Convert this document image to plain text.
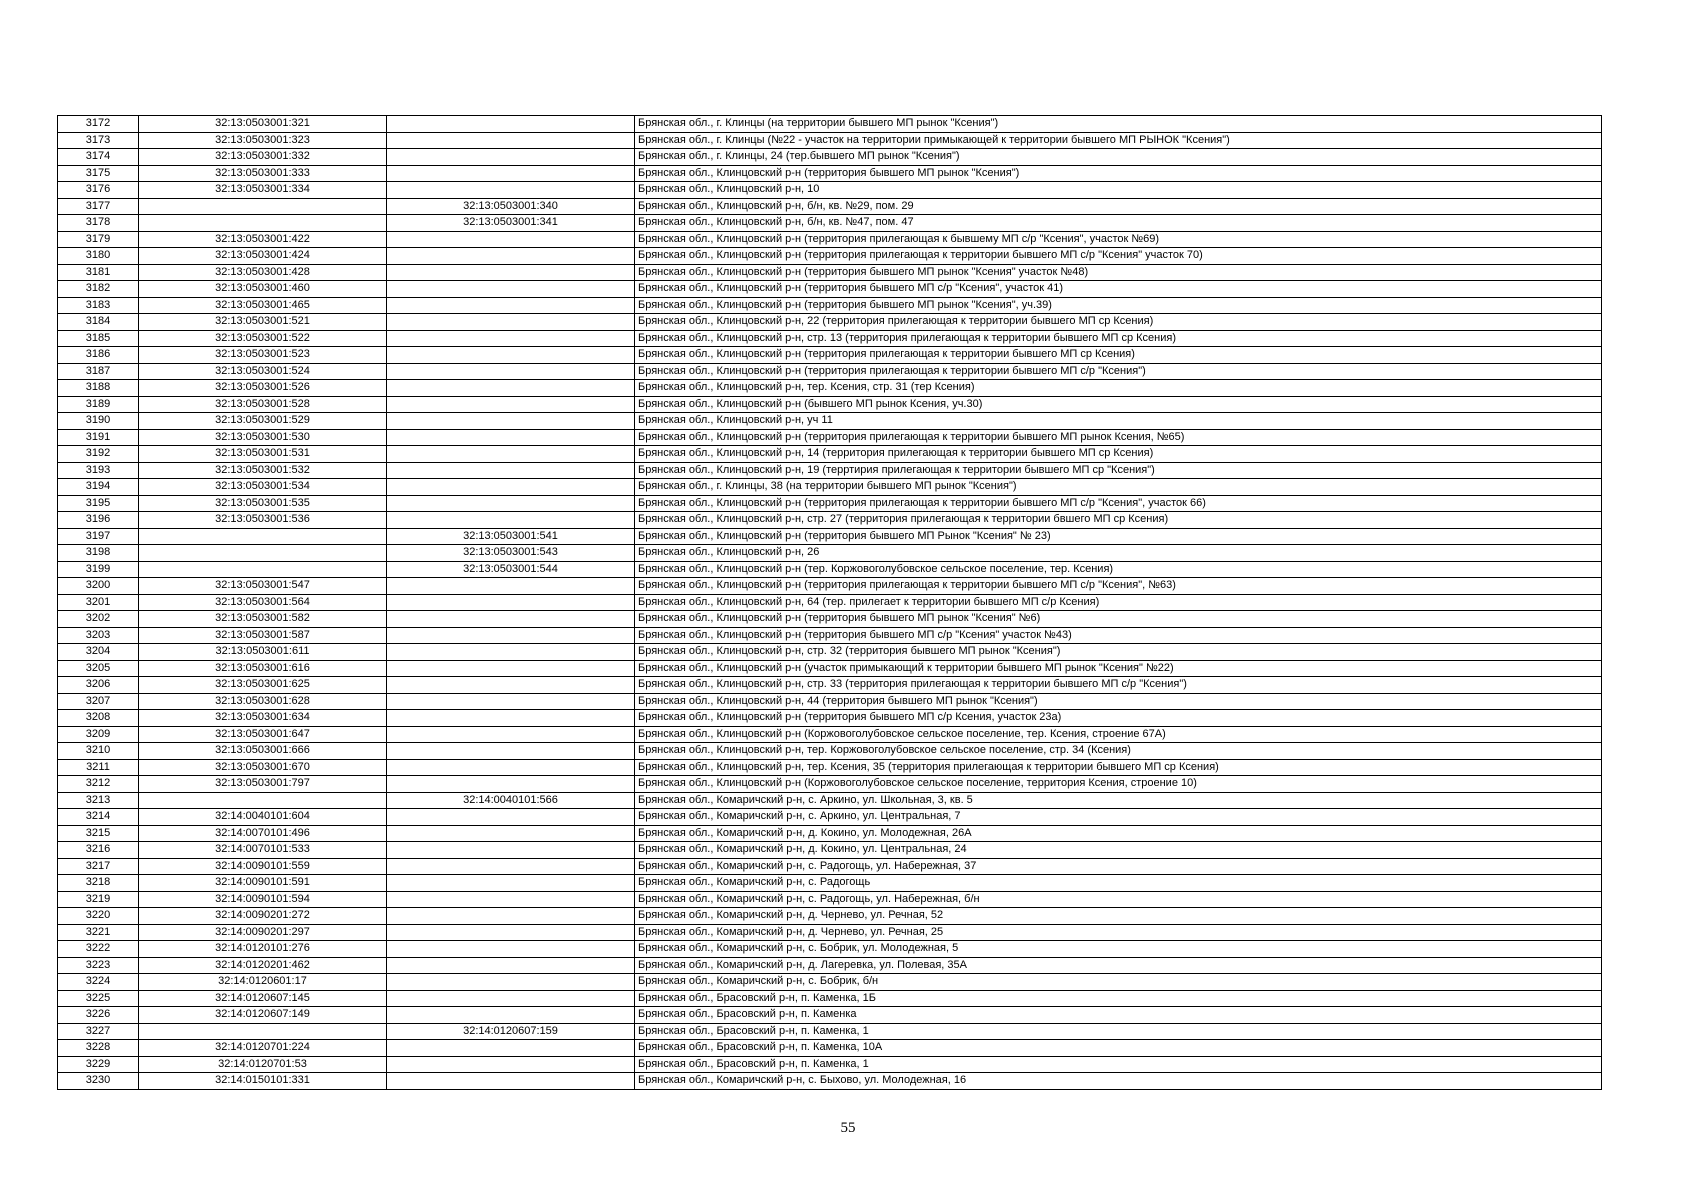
3172	32:13:0503001:321		Брянская обл., г. Клинцы (на территории бывшего МП рынок "Ксения")
3173	32:13:0503001:323		Брянская обл., г. Клинцы (№22 - участок на территории примыкающей к территории бывшего МП РЫНОК "Ксения")
3174	32:13:0503001:332		Брянская обл., г. Клинцы, 24 (тер.бывшего МП рынок "Ксения")
3175	32:13:0503001:333		Брянская обл., Клинцовский р-н (территория бывшего МП рынок "Ксения")
3176	32:13:0503001:334		Брянская обл., Клинцовский р-н, 10
3177		32:13:0503001:340	Брянская обл., Клинцовский р-н, б/н, кв. №29, пом. 29
3178		32:13:0503001:341	Брянская обл., Клинцовский р-н, б/н, кв. №47, пом. 47
3179	32:13:0503001:422		Брянская обл., Клинцовский р-н (территория прилегающая к бывшему МП с/р "Ксения", участок №69)
3180	32:13:0503001:424		Брянская обл., Клинцовский р-н (территория прилегающая к территории бывшего МП с/р "Ксения" участок 70)
3181	32:13:0503001:428		Брянская обл., Клинцовский р-н (территория бывшего МП рынок "Ксения" участок №48)
3182	32:13:0503001:460		Брянская обл., Клинцовский р-н (территория бывшего МП с/р "Ксения", участок 41)
3183	32:13:0503001:465		Брянская обл., Клинцовский р-н (территория бывшего МП рынок "Ксения", уч.39)
3184	32:13:0503001:521		Брянская обл., Клинцовский р-н, 22 (территория прилегающая к территории бывшего МП ср Ксения)
3185	32:13:0503001:522		Брянская обл., Клинцовский р-н, стр. 13 (территория прилегающая к территории бывшего МП ср Ксения)
3186	32:13:0503001:523		Брянская обл., Клинцовский р-н (территория прилегающая к территории бывшего МП ср Ксения)
3187	32:13:0503001:524		Брянская обл., Клинцовский р-н (территория прилегающая к территории бывшего МП с/р "Ксения")
3188	32:13:0503001:526		Брянская обл., Клинцовский р-н, тер. Ксения, стр. 31 (тер Ксения)
3189	32:13:0503001:528		Брянская обл., Клинцовский р-н (бывшего МП рынок Ксения, уч.30)
3190	32:13:0503001:529		Брянская обл., Клинцовский р-н, уч 11
3191	32:13:0503001:530		Брянская обл., Клинцовский р-н (территория прилегающая к территории бывшего МП рынок Ксения, №65)
3192	32:13:0503001:531		Брянская обл., Клинцовский р-н, 14 (территория прилегающая к территории бывшего МП ср Ксения)
3193	32:13:0503001:532		Брянская обл., Клинцовский р-н, 19 (терртирия прилегающая к территории бывшего МП ср "Ксения")
3194	32:13:0503001:534		Брянская обл., г. Клинцы, 38 (на территории бывшего МП рынок "Ксения")
3195	32:13:0503001:535		Брянская обл., Клинцовский р-н (территория прилегающая к территории бывшего МП с/р "Ксения", участок 66)
3196	32:13:0503001:536		Брянская обл., Клинцовский р-н, стр. 27 (территория прилегающая к территории бвшего МП ср Ксения)
3197		32:13:0503001:541	Брянская обл., Клинцовский р-н (территория бывшего МП Рынок "Ксения" № 23)
3198		32:13:0503001:543	Брянская обл., Клинцовский р-н, 26
3199		32:13:0503001:544	Брянская обл., Клинцовский р-н (тер. Коржовоголубовское сельское поселение, тер. Ксения)
3200	32:13:0503001:547		Брянская обл., Клинцовский р-н (территория прилегающая к территории бывшего МП с/р "Ксения", №63)
3201	32:13:0503001:564		Брянская обл., Клинцовский р-н, 64 (тер. прилегает к территории бывшего МП с/р Ксения)
3202	32:13:0503001:582		Брянская обл., Клинцовский р-н (территория бывшего МП рынок "Ксения" №6)
3203	32:13:0503001:587		Брянская обл., Клинцовский р-н (территория бывшего МП с/р "Ксения" участок №43)
3204	32:13:0503001:611		Брянская обл., Клинцовский р-н, стр. 32 (территория бывшего МП рынок "Ксения")
3205	32:13:0503001:616		Брянская обл., Клинцовский р-н (участок примыкающий к территории бывшего МП рынок "Ксения" №22)
3206	32:13:0503001:625		Брянская обл., Клинцовский р-н, стр. 33 (территория прилегающая к территории бывшего МП с/р "Ксения")
3207	32:13:0503001:628		Брянская обл., Клинцовский р-н, 44 (территория бывшего МП рынок "Ксения")
3208	32:13:0503001:634		Брянская обл., Клинцовский р-н (территория бывшего МП с/р Ксения, участок 23а)
3209	32:13:0503001:647		Брянская обл., Клинцовский р-н (Коржовоголубовское сельское поселение, тер. Ксения, строение 67А)
3210	32:13:0503001:666		Брянская обл., Клинцовский р-н, тер. Коржовоголубовское сельское поселение, стр. 34 (Ксения)
3211	32:13:0503001:670		Брянская обл., Клинцовский р-н, тер. Ксения, 35 (территория прилегающая к территории бывшего МП ср Ксения)
3212	32:13:0503001:797		Брянская обл., Клинцовский р-н (Коржовоголубовское сельское поселение, территория Ксения, строение 10)
3213		32:14:0040101:566	Брянская обл., Комаричский р-н, с. Аркино, ул. Школьная, 3, кв. 5
3214	32:14:0040101:604		Брянская обл., Комаричский р-н, с. Аркино, ул. Центральная, 7
3215	32:14:0070101:496		Брянская обл., Комаричский р-н, д. Кокино, ул. Молодежная, 26А
3216	32:14:0070101:533		Брянская обл., Комаричский р-н, д. Кокино, ул. Центральная, 24
3217	32:14:0090101:559		Брянская обл., Комаричский р-н, с. Радогощь, ул. Набережная, 37
3218	32:14:0090101:591		Брянская обл., Комаричский р-н, с. Радогощь
3219	32:14:0090101:594		Брянская обл., Комаричский р-н, с. Радогощь, ул. Набережная, б/н
3220	32:14:0090201:272		Брянская обл., Комаричский р-н, д. Чернево, ул. Речная, 52
3221	32:14:0090201:297		Брянская обл., Комаричский р-н, д. Чернево, ул. Речная, 25
3222	32:14:0120101:276		Брянская обл., Комаричский р-н, с. Бобрик, ул. Молодежная, 5
3223	32:14:0120201:462		Брянская обл., Комаричский р-н, д. Лагеревка, ул. Полевая, 35А
3224	32:14:0120601:17		Брянская обл., Комаричский р-н, с. Бобрик, б/н
3225	32:14:0120607:145		Брянская обл., Брасовский р-н, п. Каменка, 1Б
3226	32:14:0120607:149		Брянская обл., Брасовский р-н, п. Каменка
3227		32:14:0120607:159	Брянская обл., Брасовский р-н, п. Каменка, 1
3228	32:14:0120701:224		Брянская обл., Брасовский р-н, п. Каменка, 10А
3229	32:14:0120701:53		Брянская обл., Брасовский р-н, п. Каменка, 1
3230	32:14:0150101:331		Брянская обл., Комаричский р-н, с. Быхово, ул. Молодежная, 16
55
